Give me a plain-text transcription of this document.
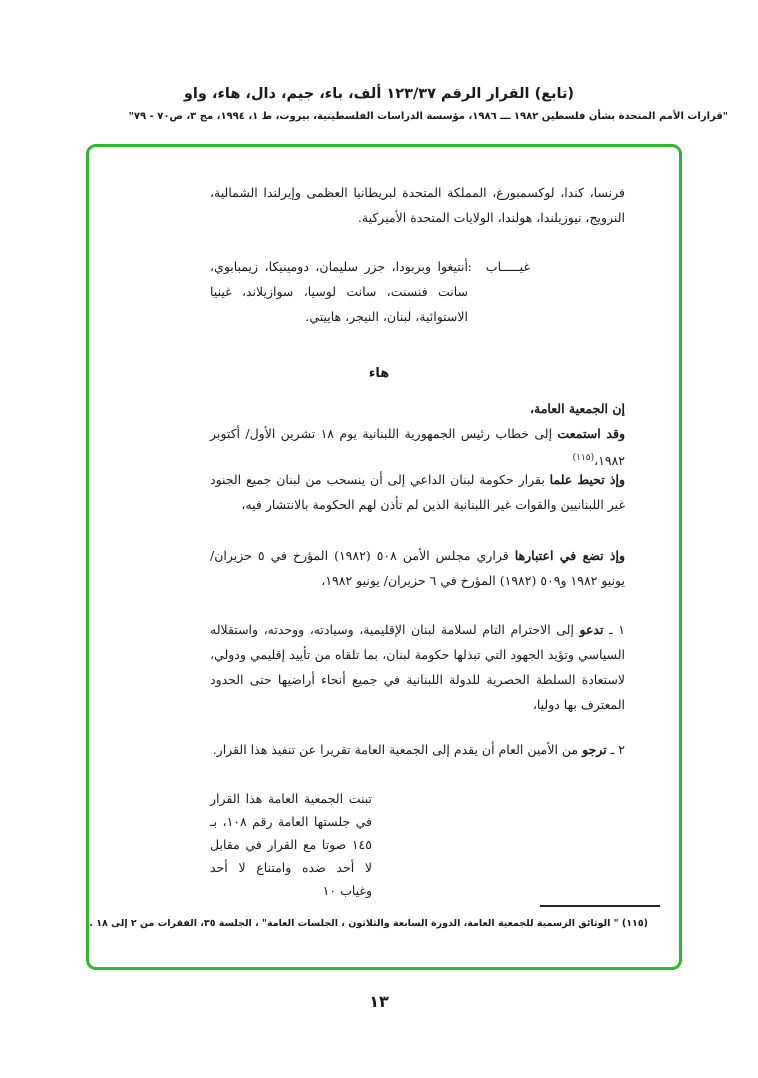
(تابع) القرار الرقم ١٢٣/٣٧ ألف، باء، جيم، دال، هاء، واو
"قرارات الأمم المتحدة بشأن فلسطين ١٩٨٢ ـــ ١٩٨٦، مؤسسة الدراسات الفلسطينية، بيروت، ط ١، ١٩٩٤، مج ٣، ص٧٠ - ٧٩"
فرنسا، كندا، لوكسمبورغ، المملكة المتحدة لبريطانيا العظمى وإيرلندا الشمالية، النرويج، نيوزيلندا، هولندا، الولايات المتحدة الأميركية.
غيـــــاب:
أنتيغوا وبربودا، جزر سليمان، دومينيكا، زيمبابوي، سانت فنسنت، سانت لوسيا، سوازيلاند، غينيا الاستوائية، لبنان، النيجر، هاييتي.
هاء
إن الجمعية العامة،
وقد استمعت إلى خطاب رئيس الجمهورية اللبنانية يوم ١٨ تشرين الأول/ أكتوبر ١٩٨٢،$^{(١١٥)}$
وإذ تحيط علما بقرار حكومة لبنان الداعي إلى أن ينسحب من لبنان جميع الجنود غير اللبنانيين والقوات غير اللبنانية الذين لم تأذن لهم الحكومة بالانتشار فيه،
وإذ تضع في اعتبارها قراري مجلس الأمن ٥٠٨ (١٩٨٢) المؤرخ في ٥ حزيران/ يونيو ١٩٨٢ و٥٠٩ (١٩٨٢) المؤرخ في ٦ حزيران/ يونيو ١٩٨٢،
١ ـ تدعو إلى الاحترام التام لسلامة لبنان الإقليمية، وسيادته، ووحدته، واستقلاله السياسي وتؤيد الجهود التي تبذلها حكومة لبنان، بما تلقاه من تأييد إقليمي ودولي، لاستعادة السلطة الحصرية للدولة اللبنانية في جميع أنحاء أراضيها حتى الحدود المعترف بها دوليا،
٢ ـ ترجو من الأمين العام أن يقدم إلى الجمعية العامة تقريرا عن تنفيذ هذا القرار.
تبنت الجمعية العامة هذا القرار في جلستها العامة رقم ١٠٨، بـ ١٤٥ صوتا مع القرار في مقابل لا أحد ضده وامتناع لا أحد وغياب ١٠
(١١٥) " الوثائق الرسمية للجمعية العامة، الدورة السابعة والثلاثون ، الجلسات العامة" ، الجلسة ٣٥، الفقرات من ٢ إلى ١٨ .
١٣
